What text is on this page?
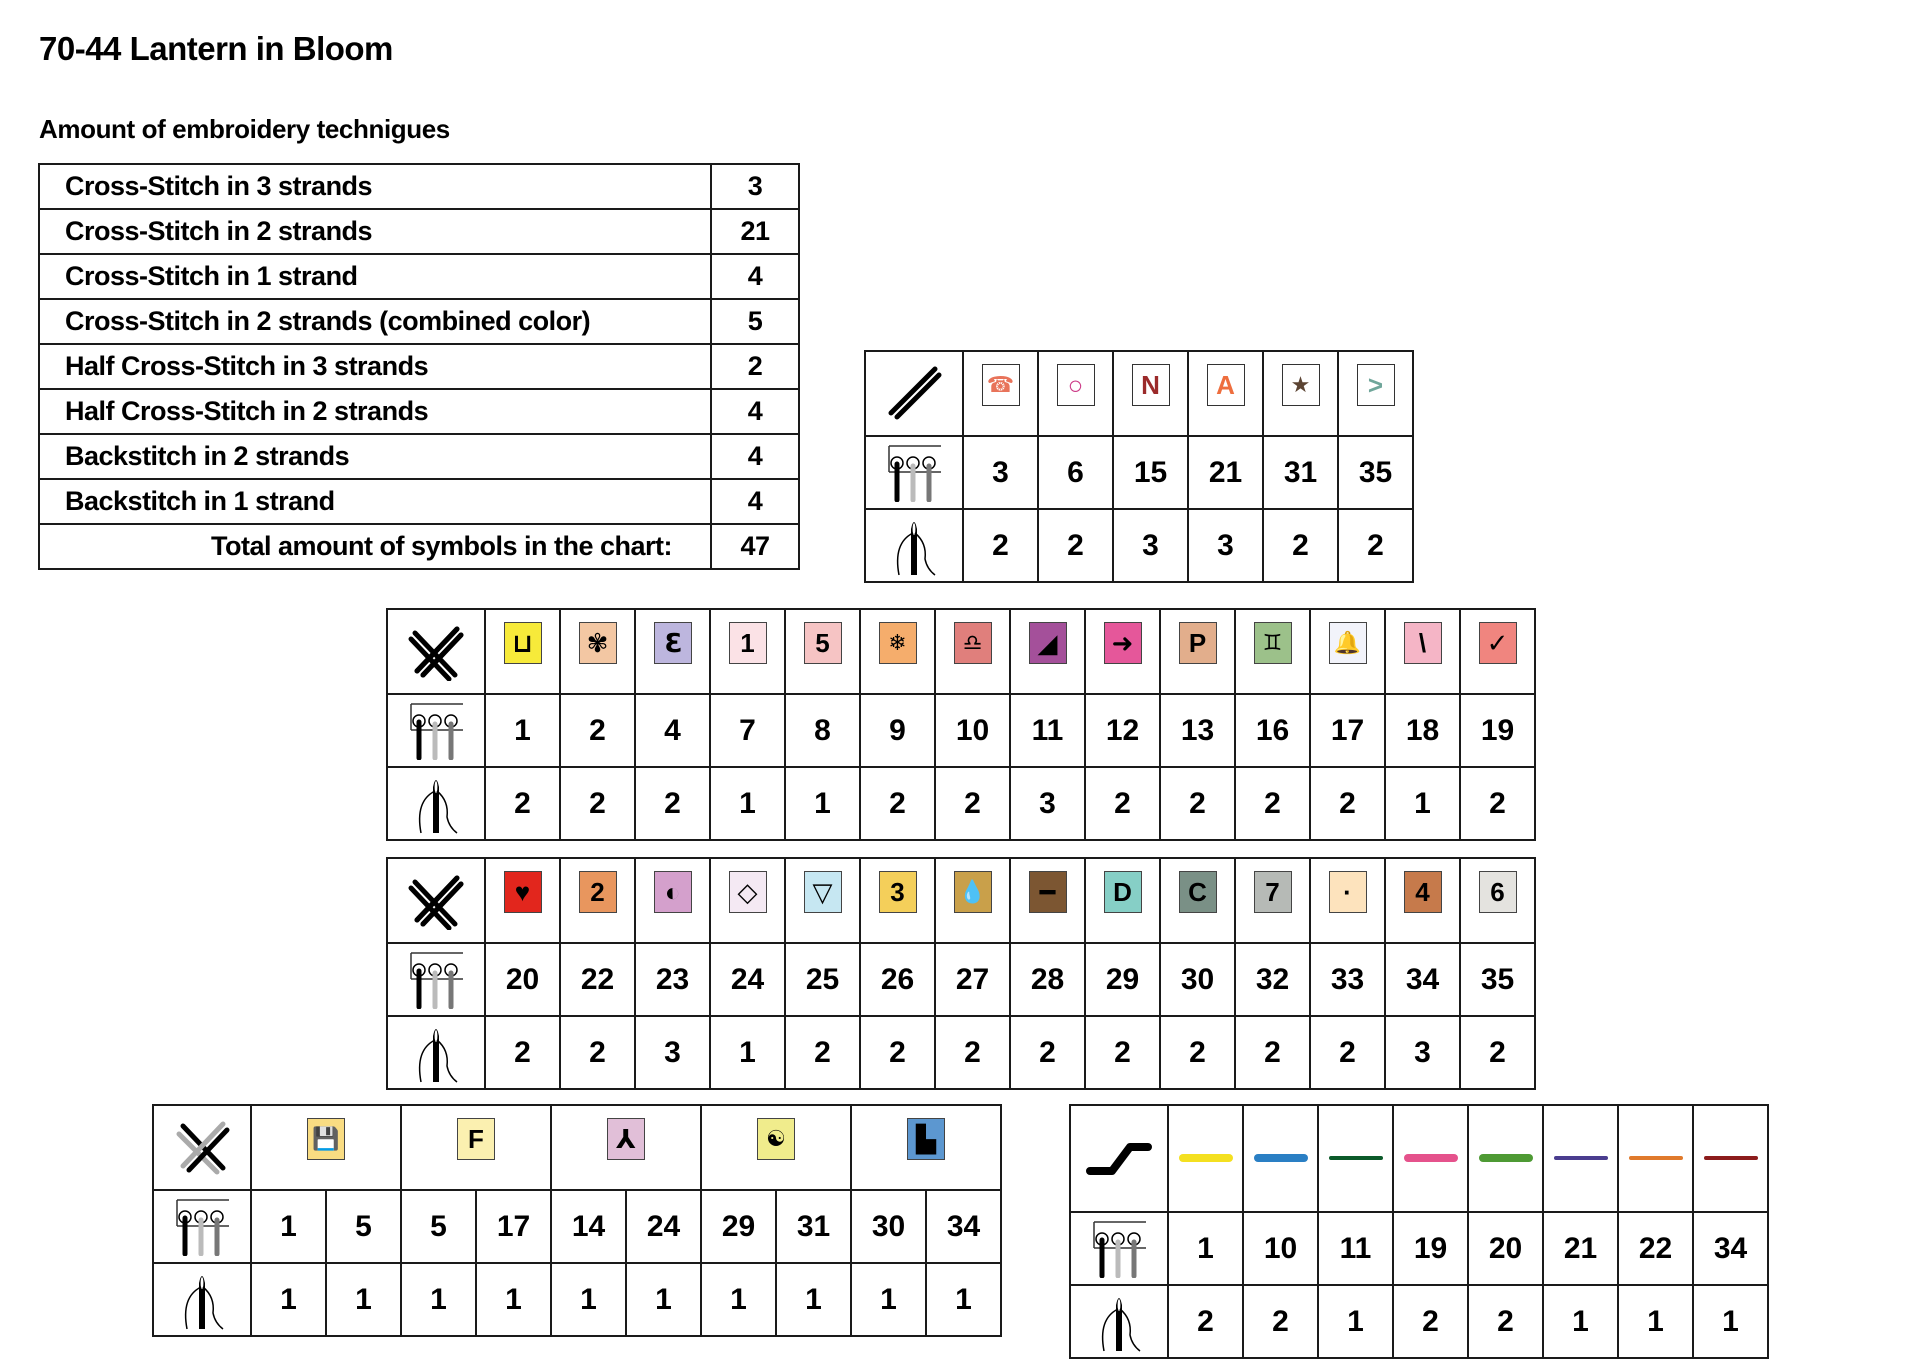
70-44 Lantern in Bloom
Amount of embroidery technigues
Cross-Stitch in 3 strands	3
Cross-Stitch in 2 strands	21
Cross-Stitch in 1 strand	4
Cross-Stitch in 2 strands (combined color)	5
Half Cross-Stitch in 3 strands	2
Half Cross-Stitch in 2 strands	4
Backstitch in 2 strands	4
Backstitch in 1 strand	4
Total amount of symbols in the chart:	47
	☎	○	N	A	★	>

	3	6	15	21	31	35

	2	2	3	3	2	2
	⊔	✾	ℇ	1	5	❄	♎	◢	➜	P	♊	🔔	\	✓

	1	2	4	7	8	9	10	11	12	13	16	17	18	19

	2	2	2	1	1	2	2	3	2	2	2	2	1	2
	♥	2	◐	◇	▽	3	💧	━	D	C	7	·	4	6

	20	22	23	24	25	26	27	28	29	30	32	33	34	35

	2	2	3	1	2	2	2	2	2	2	2	2	3	2
	💾		F		⅄		☯		▙	

	1	5	5	17	14	24	29	31	30	34

	1	1	1	1	1	1	1	1	1	1

	1	10	11	19	20	21	22	34

	2	2	1	2	2	1	1	1
